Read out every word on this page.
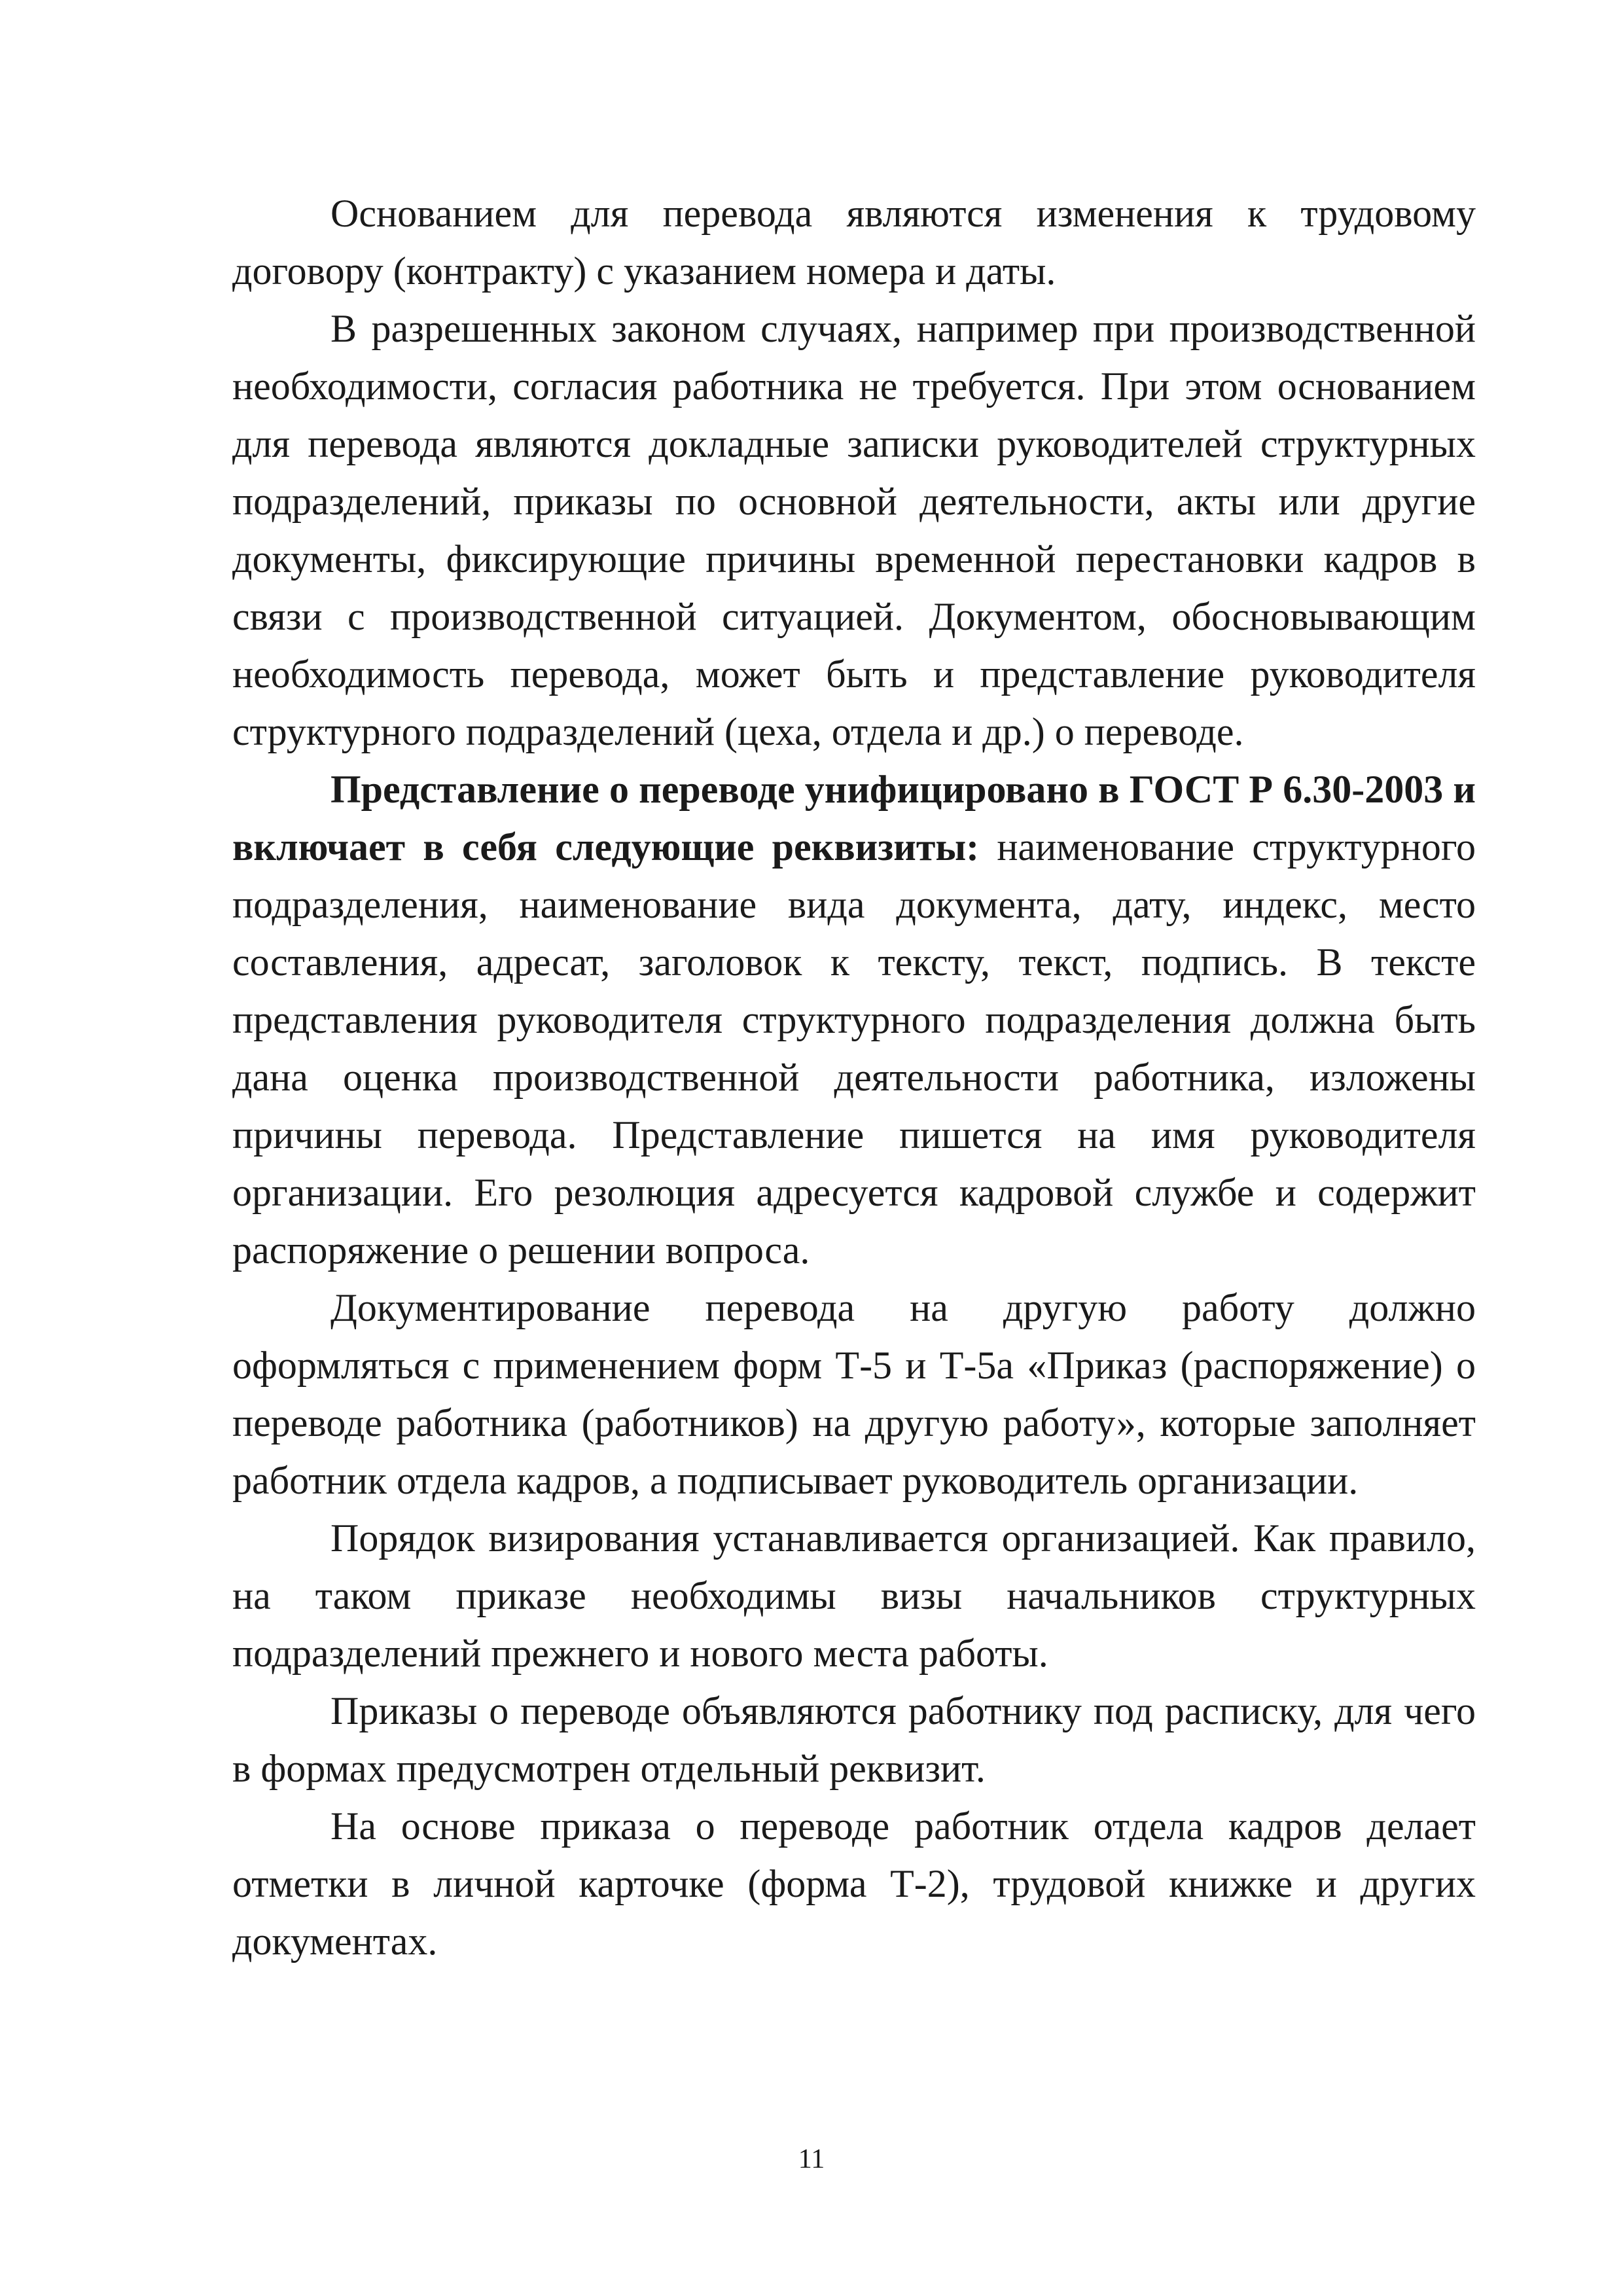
Основанием для перевода являются изменения к трудовому договору (контракту) с указанием номера и даты.

В разрешенных законом случаях, например при производственной необходимости, согласия работника не требуется. При этом основанием для перевода являются докладные записки руководителей структурных подразделений, приказы по основной деятельности, акты или другие документы, фиксирующие причины временной перестановки кадров в связи с производственной ситуацией. Документом, обосновывающим необходимость перевода, может быть и представление руководителя структурного подразделений (цеха, отдела и др.) о переводе.

Представление о переводе унифицировано в ГОСТ Р 6.30-2003 и включает в себя следующие реквизиты: наименование структурного подразделения, наименование вида документа, дату, индекс, место составления, адресат, заголовок к тексту, текст, подпись. В тексте представления руководителя структурного подразделения должна быть дана оценка производственной деятельности работника, изложены причины перевода. Представление пишется на имя руководителя организации. Его резолюция адресуется кадровой службе и содержит распоряжение о решении вопроса.

Документирование перевода на другую работу должно оформляться с применением форм Т-5 и Т-5а «Приказ (распоряжение) о переводе работника (работников) на другую работу», которые заполняет работник отдела кадров, а подписывает руководитель организации.

Порядок визирования устанавливается организацией. Как правило, на таком приказе необходимы визы начальников структурных подразделений прежнего и нового места работы.

Приказы о переводе объявляются работнику под расписку, для чего в формах предусмотрен отдельный реквизит.

На основе приказа о переводе работник отдела кадров делает отметки в личной карточке (форма Т-2), трудовой книжке и других документах.

11
